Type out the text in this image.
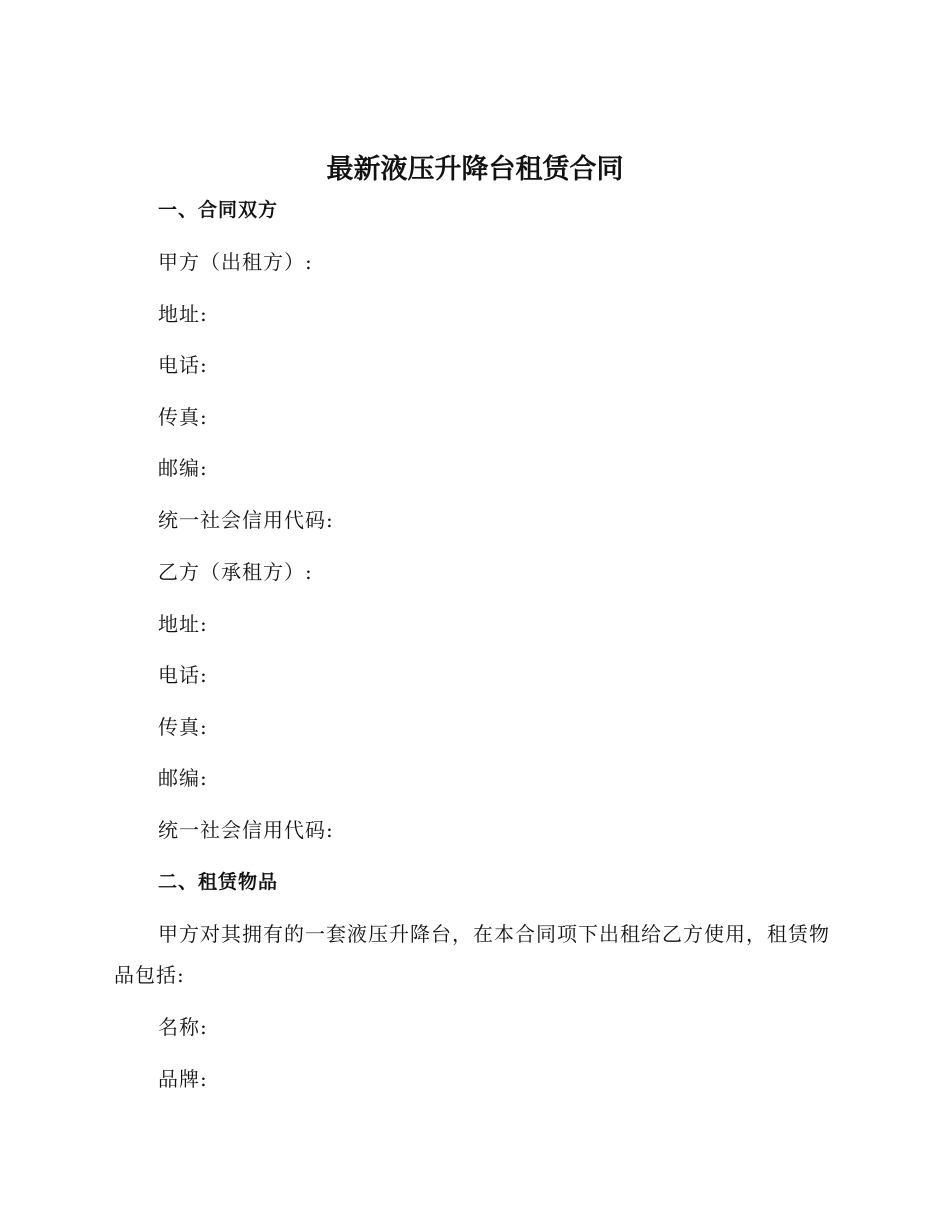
最新液压升降台租赁合同
一、合同双方
甲方（出租方）:
地址:
电话:
传真:
邮编:
统一社会信用代码:
乙方（承租方）:
地址:
电话:
传真:
邮编:
统一社会信用代码:
二、租赁物品
甲方对其拥有的一套液压升降台，在本合同项下出租给乙方使用，租赁物品包括:
名称:
品牌:
